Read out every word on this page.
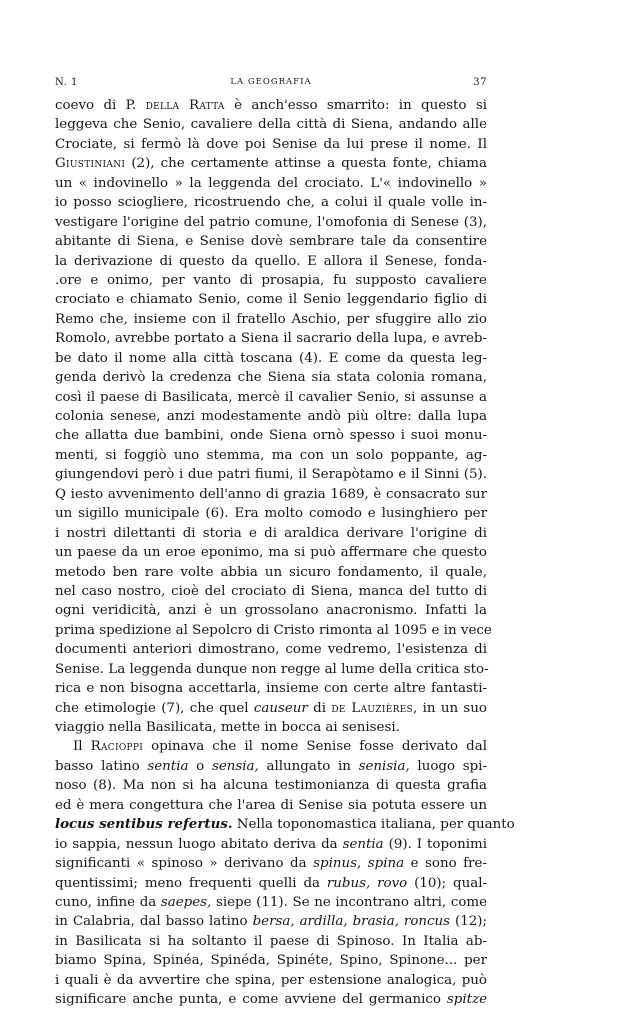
N. 1	LA GEOGRAFIA	37
coevo di P. della Ratta è anch'esso smarrito: in questo si
leggeva che Senio, cavaliere della città di Siena, andando alle
Crociate, si fermò là dove poi Senise da lui prese il nome. Il
Giustiniani (2), che certamente attinse a questa fonte, chiama
un « indovinello » la leggenda del crociato. L'« indovinello »
io posso sciogliere, ricostruendo che, a colui il quale volle in-
vestigare l'origine del patrio comune, l'omofonia di Senese (3),
abitante di Siena, e Senise dovè sembrare tale da consentire
la derivazione di questo da quello. E allora il Senese, fonda-
.ore e onimo, per vanto di prosapia, fu supposto cavaliere
crociato e chiamato Senio, come il Senio leggendario figlio di
Remo che, insieme con il fratello Aschio, per sfuggire allo zio
Romolo, avrebbe portato a Siena il sacrario della lupa, e avreb-
be dato il nome alla città toscana (4). E come da questa leg-
genda derivò la credenza che Siena sia stata colonia romana,
così il paese di Basilicata, mercè il cavalier Senio, si assunse a
colonia senese, anzi modestamente andò più oltre: dalla lupa
che allatta due bambini, onde Siena ornò spesso i suoi monu-
menti, si foggiò uno stemma, ma con un solo poppante, ag-
giungendovi però i due patri fiumi, il Serapòtamo e il Sinni (5).
Q iesto avvenimento dell'anno di grazia 1689, è consacrato sur
un sigillo municipale (6). Era molto comodo e lusinghiero per
i nostri dilettanti di storia e di araldica derivare l'origine di
un paese da un eroe eponimo, ma si può affermare che questo
metodo ben rare volte abbia un sicuro fondamento, il quale,
nel caso nostro, cioè del crociato di Siena, manca del tutto di
ogni veridicità, anzi è un grossolano anacronismo. Infatti la
prima spedizione al Sepolcro di Cristo rimonta al 1095 e in vece
documenti anteriori dimostrano, come vedremo, l'esistenza di
Senise. La leggenda dunque non regge al lume della critica sto-
rica e non bisogna accettarla, insieme con certe altre fantasti-
che etimologie (7), che quel causeur di de Lauzières, in un suo
viaggio nella Basilicata, mette in bocca ai senisesi.
Il Racioppi opinava che il nome Senise fosse derivato dal
basso latino sentia o sensia, allungato in senisia, luogo spi-
noso (8). Ma non si ha alcuna testimonianza di questa grafia
ed è mera congettura che l'area di Senise sia potuta essere un
locus sentibus refertus. Nella toponomastica italiana, per quanto
io sappia, nessun luogo abitato deriva da sentia (9). I toponimi
significanti « spinoso » derivano da spinus, spina e sono fre-
quentissimi; meno frequenti quelli da rubus, rovo (10); qual-
cuno, infine da saepes, siepe (11). Se ne incontrano altri, come
in Calabria, dal basso latino bersa, ardilla, brasia, roncus (12);
in Basilicata si ha soltanto il paese di Spinoso. In Italia ab-
biamo Spina, Spinéa, Spinéda, Spinéte, Spino, Spinone... per
i quali è da avvertire che spina, per estensione analogica, può
significare anche punta, e come avviene del germanico spitze
